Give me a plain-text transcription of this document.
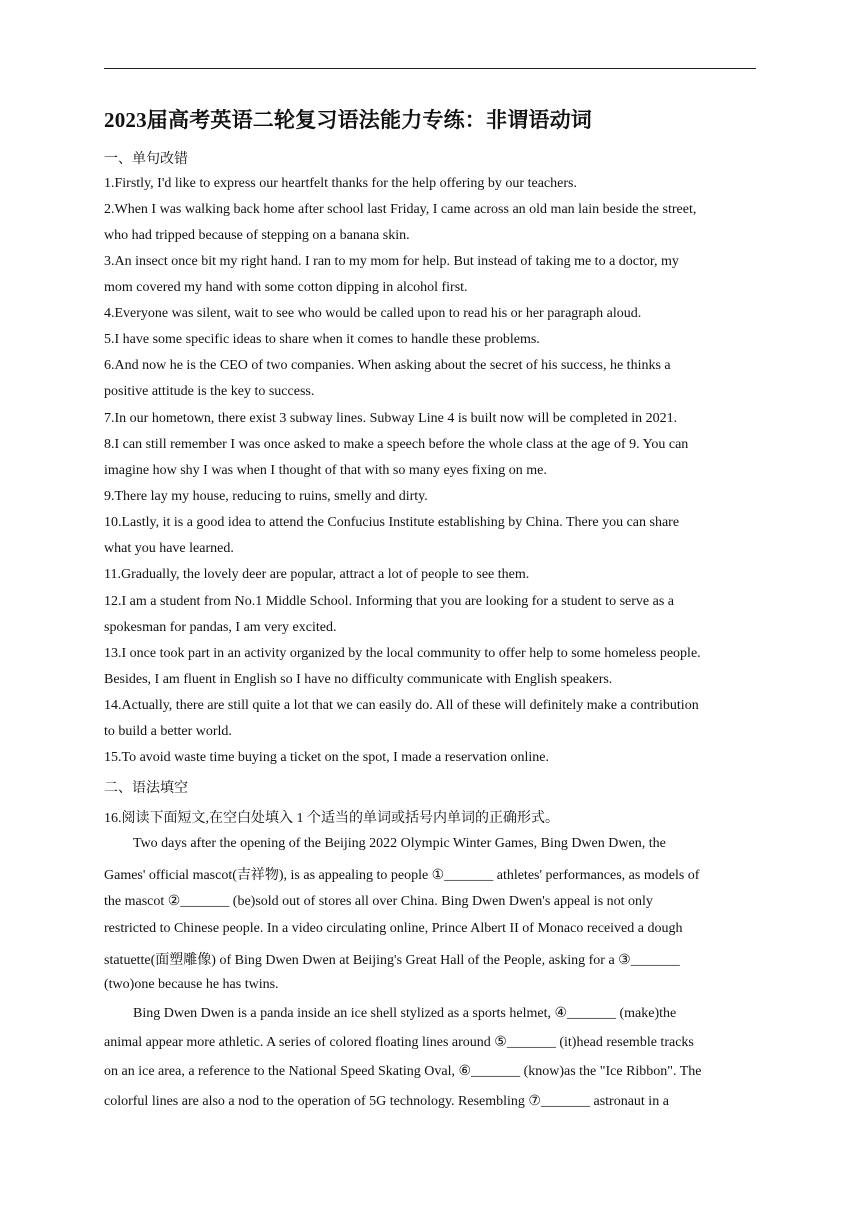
2023届高考英语二轮复习语法能力专练：非谓语动词
一、单句改错
1.Firstly, I'd like to express our heartfelt thanks for the help offering by our teachers.
2.When I was walking back home after school last Friday, I came across an old man lain beside the street,
who had tripped because of stepping on a banana skin.
3.An insect once bit my right hand. I ran to my mom for help. But instead of taking me to a doctor, my
mom covered my hand with some cotton dipping in alcohol first.
4.Everyone was silent, wait to see who would be called upon to read his or her paragraph aloud.
5.I have some specific ideas to share when it comes to handle these problems.
6.And now he is the CEO of two companies. When asking about the secret of his success, he thinks a
positive attitude is the key to success.
7.In our hometown, there exist 3 subway lines. Subway Line 4 is built now will be completed in 2021.
8.I can still remember I was once asked to make a speech before the whole class at the age of 9. You can
imagine how shy I was when I thought of that with so many eyes fixing on me.
9.There lay my house, reducing to ruins, smelly and dirty.
10.Lastly, it is a good idea to attend the Confucius Institute establishing by China. There you can share
what you have learned.
11.Gradually, the lovely deer are popular, attract a lot of people to see them.
12.I am a student from No.1 Middle School. Informing that you are looking for a student to serve as a
spokesman for pandas, I am very excited.
13.I once took part in an activity organized by the local community to offer help to some homeless people.
Besides, I am fluent in English so I have no difficulty communicate with English speakers.
14.Actually, there are still quite a lot that we can easily do. All of these will definitely make a contribution
to build a better world.
15.To avoid waste time buying a ticket on the spot, I made a reservation online.
二、语法填空
16.阅读下面短文,在空白处填入 1 个适当的单词或括号内单词的正确形式。
Two days after the opening of the Beijing 2022 Olympic Winter Games, Bing Dwen Dwen, the
Games' official mascot(吉祥物), is as appealing to people ①_______ athletes' performances, as models of
the mascot ②_______ (be)sold out of stores all over China. Bing Dwen Dwen's appeal is not only
restricted to Chinese people. In a video circulating online, Prince Albert II of Monaco received a dough
statuette(面塑雕像) of Bing Dwen Dwen at Beijing's Great Hall of the People, asking for a ③_______
(two)one because he has twins.
Bing Dwen Dwen is a panda inside an ice shell stylized as a sports helmet, ④_______ (make)the
animal appear more athletic. A series of colored floating lines around ⑤_______ (it)head resemble tracks
on an ice area, a reference to the National Speed Skating Oval, ⑥_______ (know)as the "Ice Ribbon". The
colorful lines are also a nod to the operation of 5G technology. Resembling ⑦_______ astronaut in a
